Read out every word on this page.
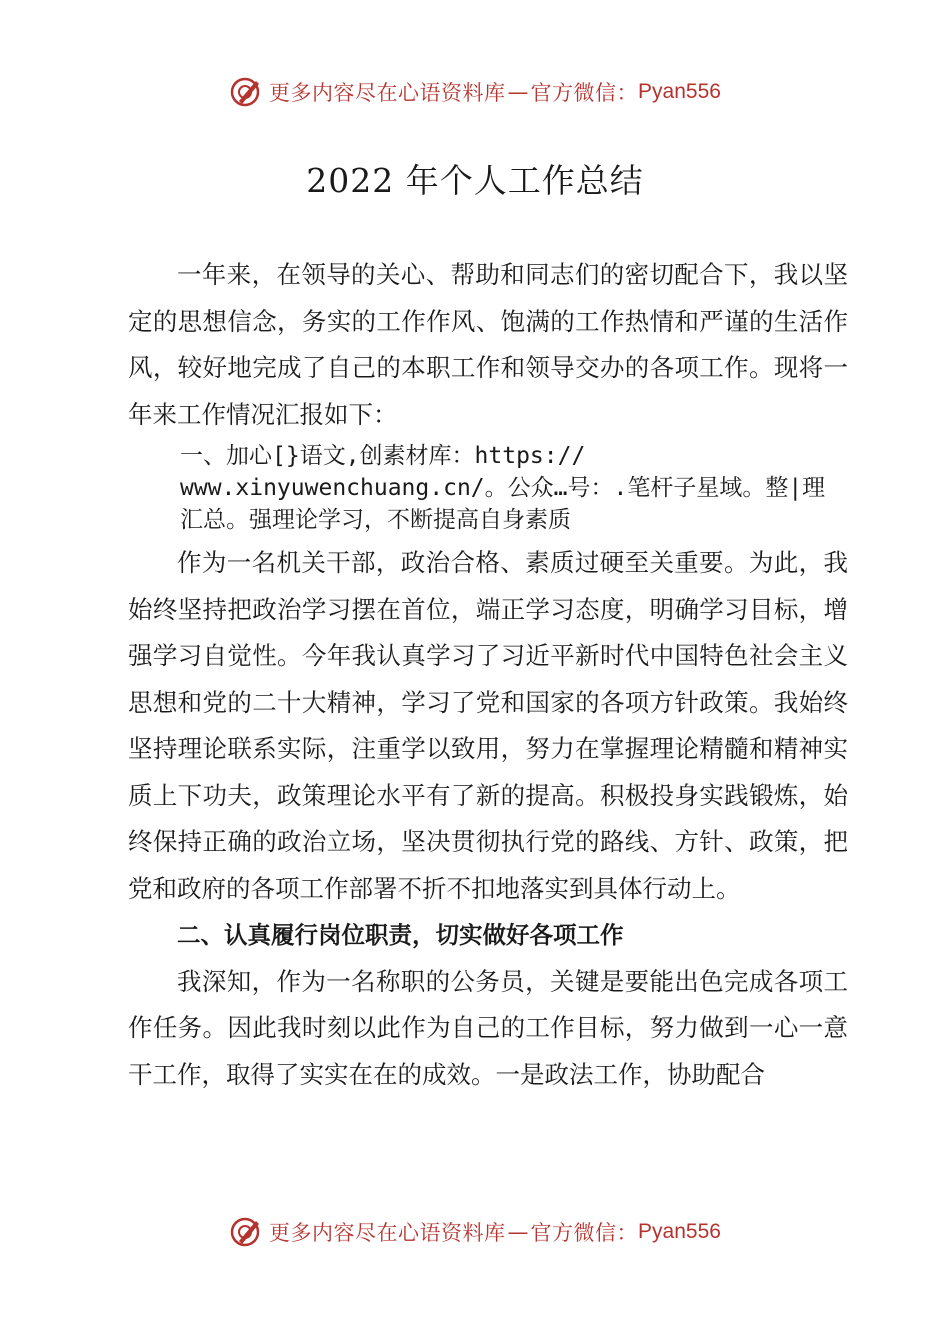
更多内容尽在心语资料库 — 官方微信： Pyan556
2022 年个人工作总结

一年来，在领导的关心、帮助和同志们的密切配合下，我以坚定的思想信念，务实的工作作风、饱满的工作热情和严谨的生活作风，较好地完成了自己的本职工作和领导交办的各项工作。现将一年来工作情况汇报如下：

一、加心[}语文,创素材库：https://
www.xinyuwenchuang.cn/。公众…号：.笔杆子星域。整|理
汇总。强理论学习，不断提高自身素质

作为一名机关干部，政治合格、素质过硬至关重要。为此，我始终坚持把政治学习摆在首位，端正学习态度，明确学习目标，增强学习自觉性。今年我认真学习了习近平新时代中国特色社会主义思想和党的二十大精神，学习了党和国家的各项方针政策。我始终坚持理论联系实际，注重学以致用，努力在掌握理论精髓和精神实质上下功夫，政策理论水平有了新的提高。积极投身实践锻炼，始终保持正确的政治立场，坚决贯彻执行党的路线、方针、政策，把党和政府的各项工作部署不折不扣地落实到具体行动上。

二、认真履行岗位职责，切实做好各项工作

我深知，作为一名称职的公务员，关键是要能出色完成各项工作任务。因此我时刻以此作为自己的工作目标，努力做到一心一意干工作，取得了实实在在的成效。一是政法工作，协助配合

更多内容尽在心语资料库 — 官方微信： Pyan556
